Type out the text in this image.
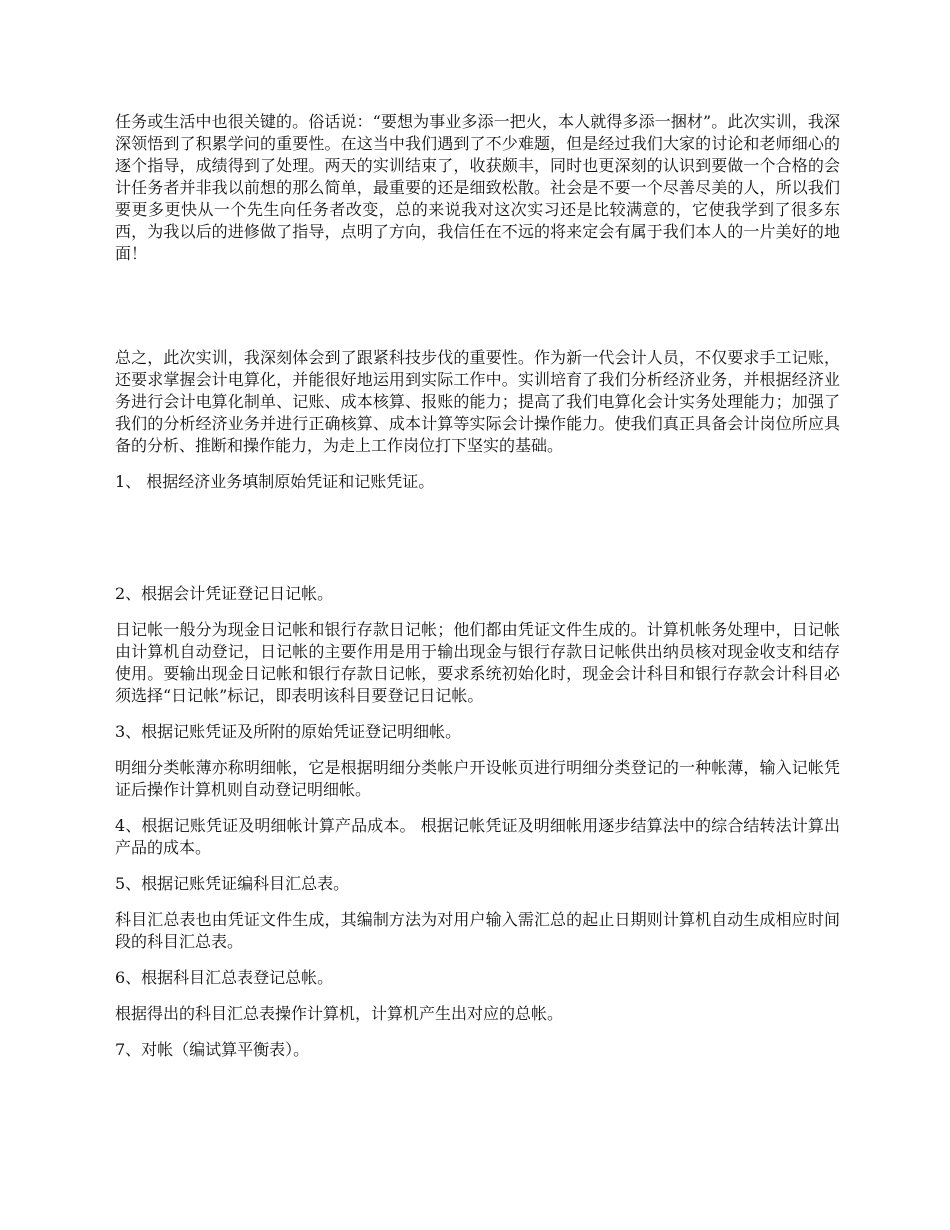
任务或生活中也很关键的。俗话说：“要想为事业多添一把火，本人就得多添一捆材”。此次实训，我深深领悟到了积累学问的重要性。在这当中我们遇到了不少难题，但是经过我们大家的讨论和老师细心的逐个指导，成绩得到了处理。两天的实训结束了，收获颇丰，同时也更深刻的认识到要做一个合格的会计任务者并非我以前想的那么简单，最重要的还是细致松散。社会是不要一个尽善尽美的人，所以我们要更多更快从一个先生向任务者改变，总的来说我对这次实习还是比较满意的，它使我学到了很多东西，为我以后的进修做了指导，点明了方向，我信任在不远的将来定会有属于我们本人的一片美好的地面！

总之，此次实训，我深刻体会到了跟紧科技步伐的重要性。作为新一代会计人员，不仅要求手工记账，还要求掌握会计电算化，并能很好地运用到实际工作中。实训培育了我们分析经济业务，并根据经济业务进行会计电算化制单、记账、成本核算、报账的能力；提高了我们电算化会计实务处理能力；加强了我们的分析经济业务并进行正确核算、成本计算等实际会计操作能力。使我们真正具备会计岗位所应具备的分析、推断和操作能力，为走上工作岗位打下坚实的基础。

1、 根据经济业务填制原始凭证和记账凭证。

2、根据会计凭证登记日记帐。

日记帐一般分为现金日记帐和银行存款日记帐；他们都由凭证文件生成的。计算机帐务处理中，日记帐由计算机自动登记，日记帐的主要作用是用于输出现金与银行存款日记帐供出纳员核对现金收支和结存使用。要输出现金日记帐和银行存款日记帐，要求系统初始化时，现金会计科目和银行存款会计科目必须选择“日记帐”标记，即表明该科目要登记日记帐。

3、根据记账凭证及所附的原始凭证登记明细帐。

明细分类帐薄亦称明细帐，它是根据明细分类帐户开设帐页进行明细分类登记的一种帐薄，输入记帐凭证后操作计算机则自动登记明细帐。

4、根据记账凭证及明细帐计算产品成本。 根据记帐凭证及明细帐用逐步结算法中的综合结转法计算出产品的成本。

5、根据记账凭证编科目汇总表。

科目汇总表也由凭证文件生成，其编制方法为对用户输入需汇总的起止日期则计算机自动生成相应时间段的科目汇总表。

6、根据科目汇总表登记总帐。

根据得出的科目汇总表操作计算机，计算机产生出对应的总帐。

7、对帐（编试算平衡表）。
